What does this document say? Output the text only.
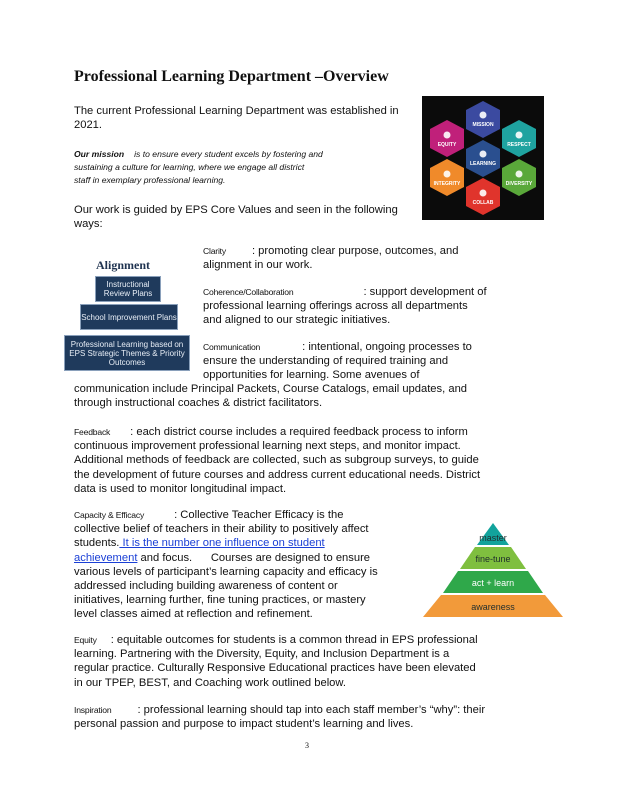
Professional Learning Department –Overview
The current Professional Learning Department was established in 2021.
Our mission is to ensure every student excels by fostering and
sustaining a culture for learning, where we engage all district
staff in exemplary professional learning.
Our work is guided by EPS Core Values and seen in the following
ways:
MISSION
RESPECT
DIVERSITY
COLLAB
INTEGRITY
EQUITY
LEARNING
Alignment
Instructional Review Plans
School Improvement Plans
Professional Learning based on EPS Strategic Themes & Priority Outcomes
Clarity : promoting clear purpose, outcomes, and
alignment in our work.
Coherence/Collaboration	: support development of
professional learning offerings across all departments
and aligned to our strategic initiatives.
Communication	: intentional, ongoing processes to
ensure the understanding of required training and
opportunities for learning. Some avenues of
communication include Principal Packets, Course Catalogs, email updates, and
through instructional coaches & district facilitators.
Feedback : each district course includes a required feedback process to inform
continuous improvement professional learning next steps, and monitor impact.
Additional methods of feedback are collected, such as subgroup surveys, to guide
the development of future courses and address current educational needs. District
data is used to monitor longitudinal impact.
Capacity & Efficacy	: Collective Teacher Efficacy is the
collective belief of teachers in their ability to positively affect
students. It is the number one influence on student
achievement and focus.      Courses are designed to ensure
various levels of participant’s learning capacity and efficacy is
addressed including building awareness of content or
initiatives, learning further, fine tuning practices, or mastery
level classes aimed at reflection and refinement.
master
fine-tune
act + learn
awareness
Equity : equitable outcomes for students is a common thread in EPS professional
learning. Partnering with the Diversity, Equity, and Inclusion Department is a
regular practice. Culturally Responsive Educational practices have been elevated
in our TPEP, BEST, and Coaching work outlined below.
Inspiration : professional learning should tap into each staff member’s “why”: their
personal passion and purpose to impact student’s learning and lives.
3
